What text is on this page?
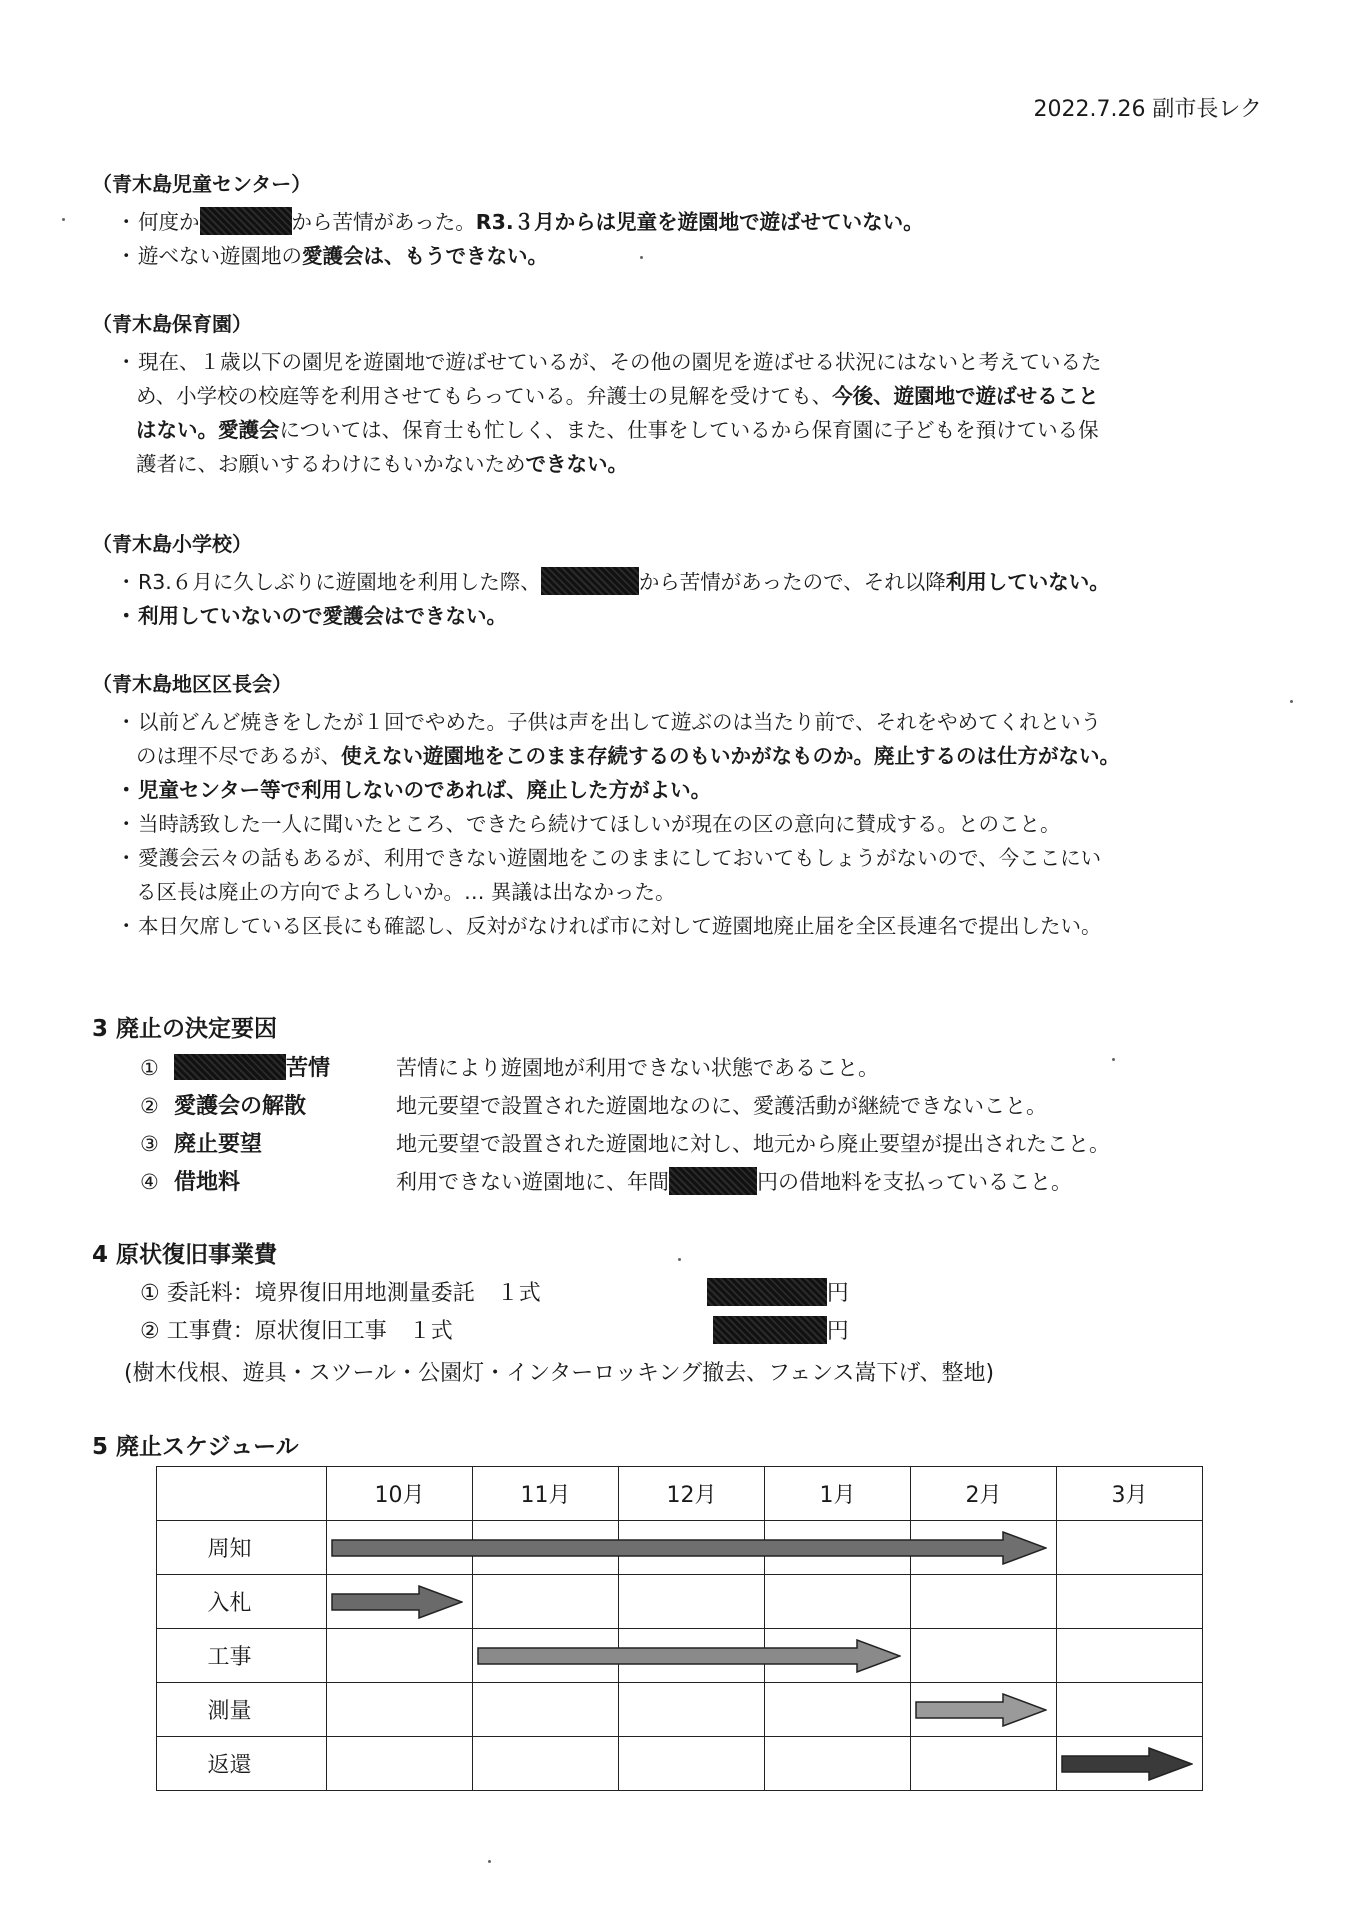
2022.7.26 副市長レク
（青木島児童センター）
・何度か	から苦情があった。R3.３月からは児童を遊園地で遊ばせていない。
・遊べない遊園地の愛護会は、もうできない。
（青木島保育園）
・現在、１歳以下の園児を遊園地で遊ばせているが、その他の園児を遊ばせる状況にはないと考えているた
め、小学校の校庭等を利用させてもらっている。弁護士の見解を受けても、今後、遊園地で遊ばせること
はない。愛護会については、保育士も忙しく、また、仕事をしているから保育園に子どもを預けている保
護者に、お願いするわけにもいかないためできない。
（青木島小学校）
・R3.６月に久しぶりに遊園地を利用した際、	から苦情があったので、それ以降利用していない。
・利用していないので愛護会はできない。
（青木島地区区長会）
・以前どんど焼きをしたが１回でやめた。子供は声を出して遊ぶのは当たり前で、それをやめてくれという
のは理不尽であるが、使えない遊園地をこのまま存続するのもいかがなものか。廃止するのは仕方がない。
・児童センター等で利用しないのであれば、廃止した方がよい。
・当時誘致した一人に聞いたところ、できたら続けてほしいが現在の区の意向に賛成する。とのこと。
・愛護会云々の話もあるが、利用できない遊園地をこのままにしておいてもしょうがないので、今ここにい
る区長は廃止の方向でよろしいか。… 異議は出なかった。
・本日欠席している区長にも確認し、反対がなければ市に対して遊園地廃止届を全区長連名で提出したい。
3 廃止の決定要因
①	苦情	苦情により遊園地が利用できない状態であること。
② 愛護会の解散	地元要望で設置された遊園地なのに、愛護活動が継続できないこと。
③ 廃止要望	地元要望で設置された遊園地に対し、地元から廃止要望が提出されたこと。
④ 借地料	利用できない遊園地に、年間	円の借地料を支払っていること。
4 原状復旧事業費
① 委託料：境界復旧用地測量委託　１式	円
② 工事費：原状復旧工事　１式	円
(樹木伐根、遊具・スツール・公園灯・インターロッキング撤去、フェンス嵩下げ、整地)
5 廃止スケジュール
	10月	11月	12月	1月	2月	3月
周知						
入札						
工事						
測量						
返還						
